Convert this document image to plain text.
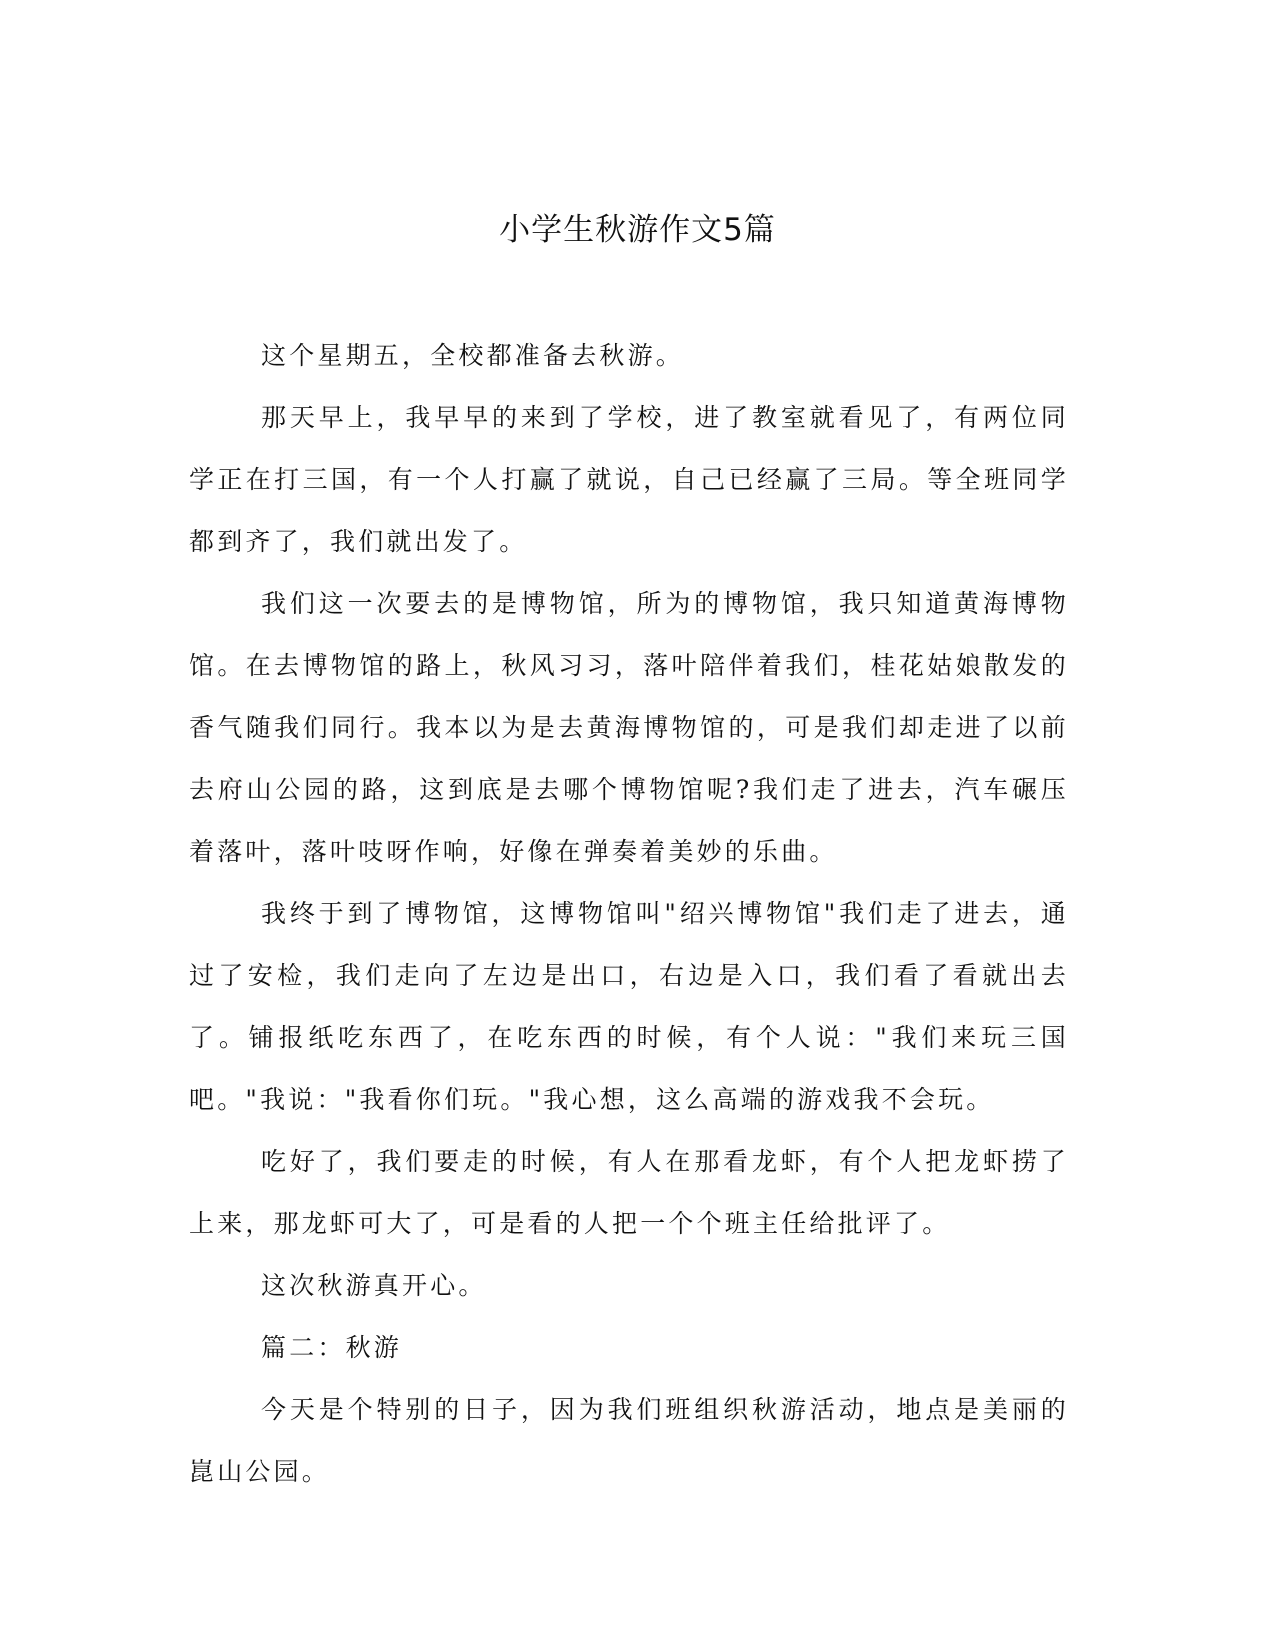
小学生秋游作文5篇

这个星期五，全校都准备去秋游。

那天早上，我早早的来到了学校，进了教室就看见了，有两位同学正在打三国，有一个人打赢了就说，自己已经赢了三局。等全班同学都到齐了，我们就出发了。

我们这一次要去的是博物馆，所为的博物馆，我只知道黄海博物馆。在去博物馆的路上，秋风习习，落叶陪伴着我们，桂花姑娘散发的香气随我们同行。我本以为是去黄海博物馆的，可是我们却走进了以前去府山公园的路，这到底是去哪个博物馆呢?我们走了进去，汽车碾压着落叶，落叶吱呀作响，好像在弹奏着美妙的乐曲。

我终于到了博物馆，这博物馆叫"绍兴博物馆"我们走了进去，通过了安检，我们走向了左边是出口，右边是入口，我们看了看就出去了。铺报纸吃东西了，在吃东西的时候，有个人说："我们来玩三国吧。"我说："我看你们玩。"我心想，这么高端的游戏我不会玩。

吃好了，我们要走的时候，有人在那看龙虾，有个人把龙虾捞了上来，那龙虾可大了，可是看的人把一个个班主任给批评了。

这次秋游真开心。

篇二：秋游

今天是个特别的日子，因为我们班组织秋游活动，地点是美丽的崑山公园。
